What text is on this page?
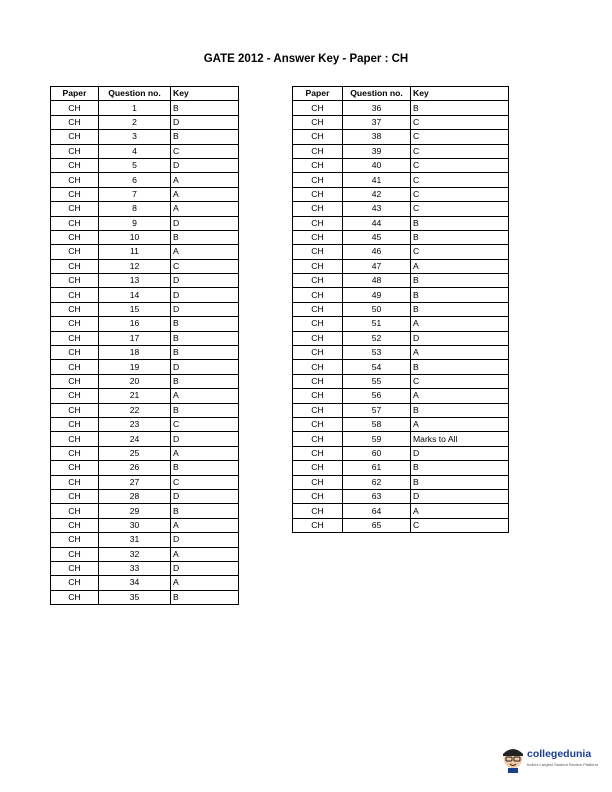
GATE 2012 - Answer Key - Paper : CH
Paper	Question no.	Key
CH	1	B
CH	2	D
CH	3	B
CH	4	C
CH	5	D
CH	6	A
CH	7	A
CH	8	A
CH	9	D
CH	10	B
CH	11	A
CH	12	C
CH	13	D
CH	14	D
CH	15	D
CH	16	B
CH	17	B
CH	18	B
CH	19	D
CH	20	B
CH	21	A
CH	22	B
CH	23	C
CH	24	D
CH	25	A
CH	26	B
CH	27	C
CH	28	D
CH	29	B
CH	30	A
CH	31	D
CH	32	A
CH	33	D
CH	34	A
CH	35	B
Paper	Question no.	Key
CH	36	B
CH	37	C
CH	38	C
CH	39	C
CH	40	C
CH	41	C
CH	42	C
CH	43	C
CH	44	B
CH	45	B
CH	46	C
CH	47	A
CH	48	B
CH	49	B
CH	50	B
CH	51	A
CH	52	D
CH	53	A
CH	54	B
CH	55	C
CH	56	A
CH	57	B
CH	58	A
CH	59	Marks to All
CH	60	D
CH	61	B
CH	62	B
CH	63	D
CH	64	A
CH	65	C
collegedunia
India's Largest Student Review Platform
